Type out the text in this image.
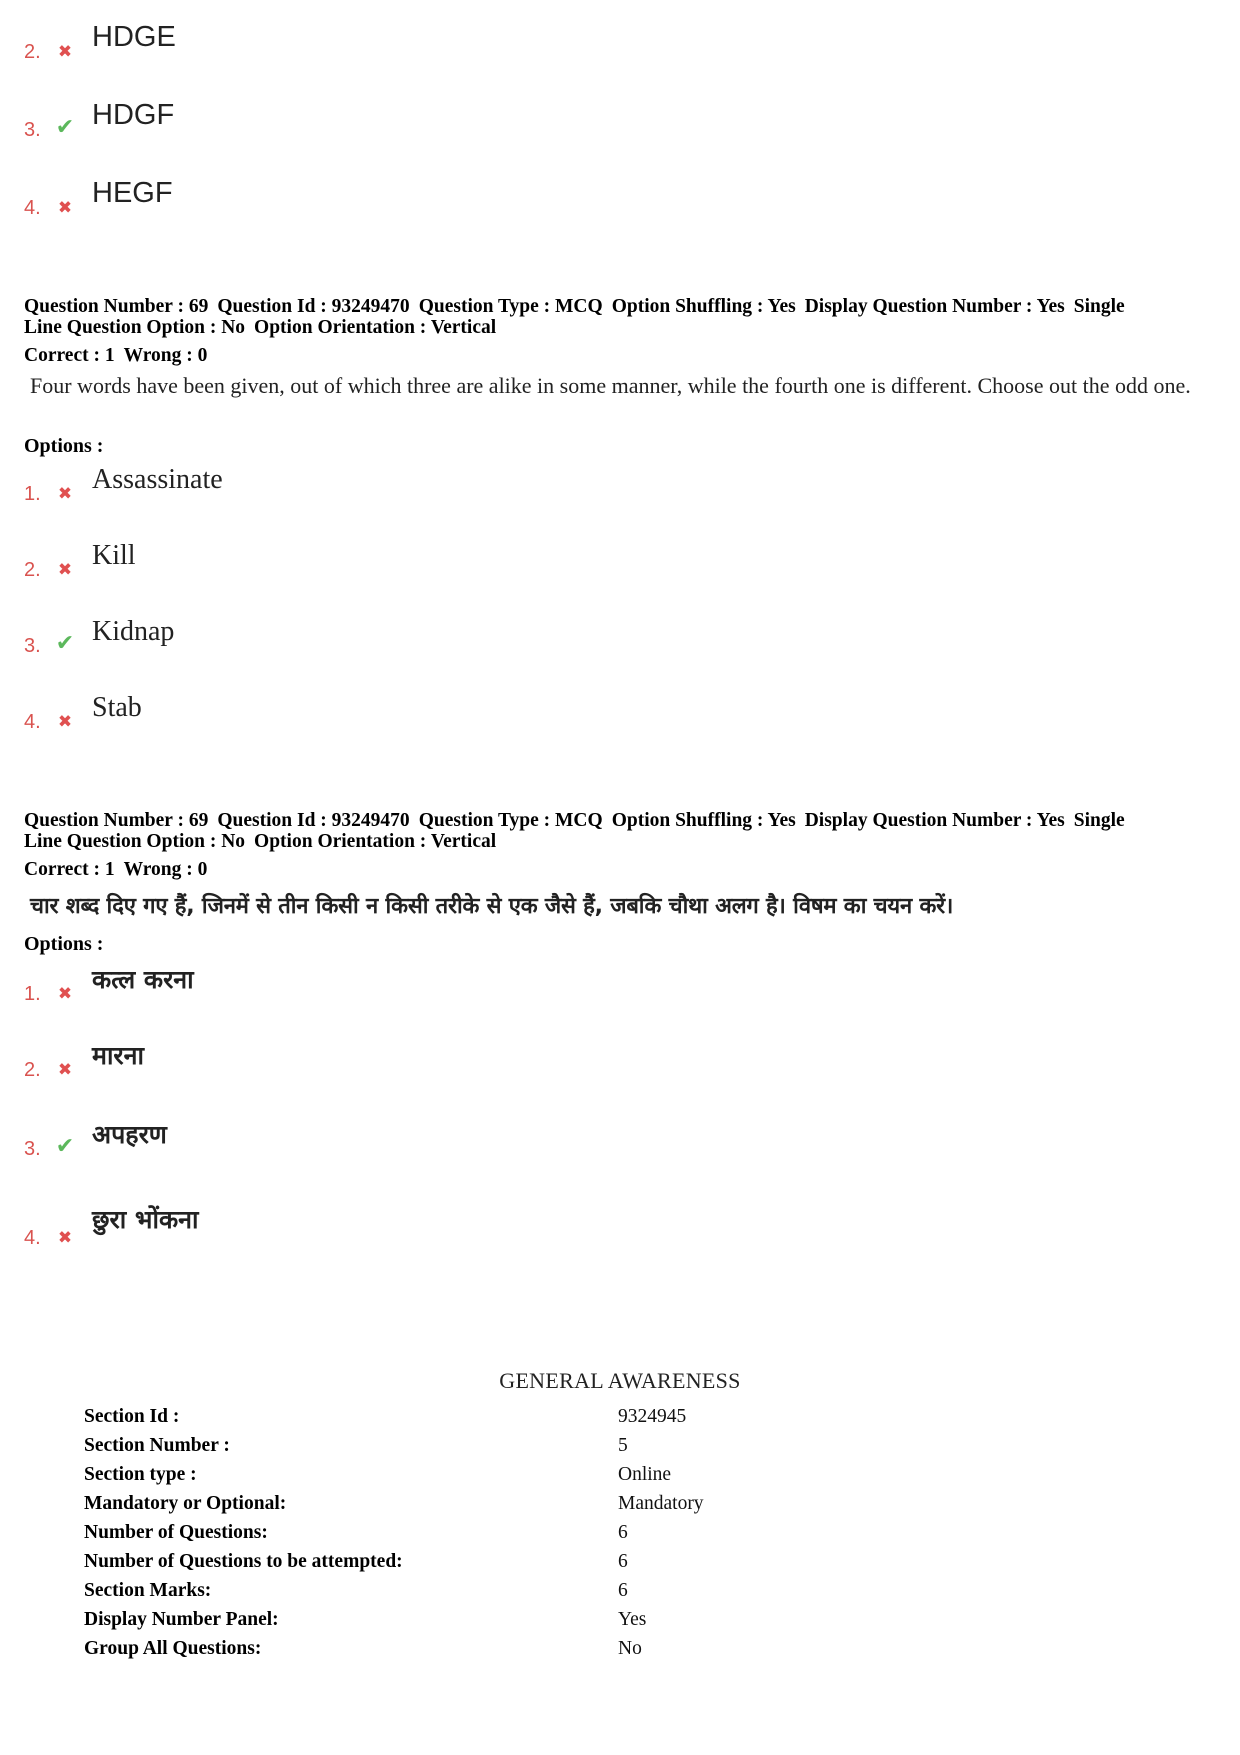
2.	✖ HDGE
3. ✔ HDGF
4.	✖ HEGF
Question Number : 69 Question Id : 93249470 Question Type : MCQ Option Shuffling : Yes Display Question Number : Yes Single
Line Question Option : No Option Orientation : Vertical
Correct : 1 Wrong : 0
Four words have been given, out of which three are alike in some manner, while the fourth one is different. Choose out the odd one.
Options :
1.	✖ Assassinate
2.	✖ Kill
3. ✔ Kidnap
4.	✖ Stab
Question Number : 69 Question Id : 93249470 Question Type : MCQ Option Shuffling : Yes Display Question Number : Yes Single
Line Question Option : No Option Orientation : Vertical
Correct : 1 Wrong : 0
चार शब्द दिए गए हैं, जिनमें से तीन किसी न किसी तरीके से एक जैसे हैं, जबकि चौथा अलग है। विषम का चयन करें।
Options :
1.	✖ कत्ल करना
2.	✖ मारना
3. ✔ अपहरण
4.	✖
छुरा भोंकना
GENERAL AWARENESS
Section Id :	9324945
Section Number :	5
Section type :	Online
Mandatory or Optional:	Mandatory
Number of Questions:	6
Number of Questions to be attempted:	6
Section Marks:	6
Display Number Panel:	Yes
Group All Questions:	No
